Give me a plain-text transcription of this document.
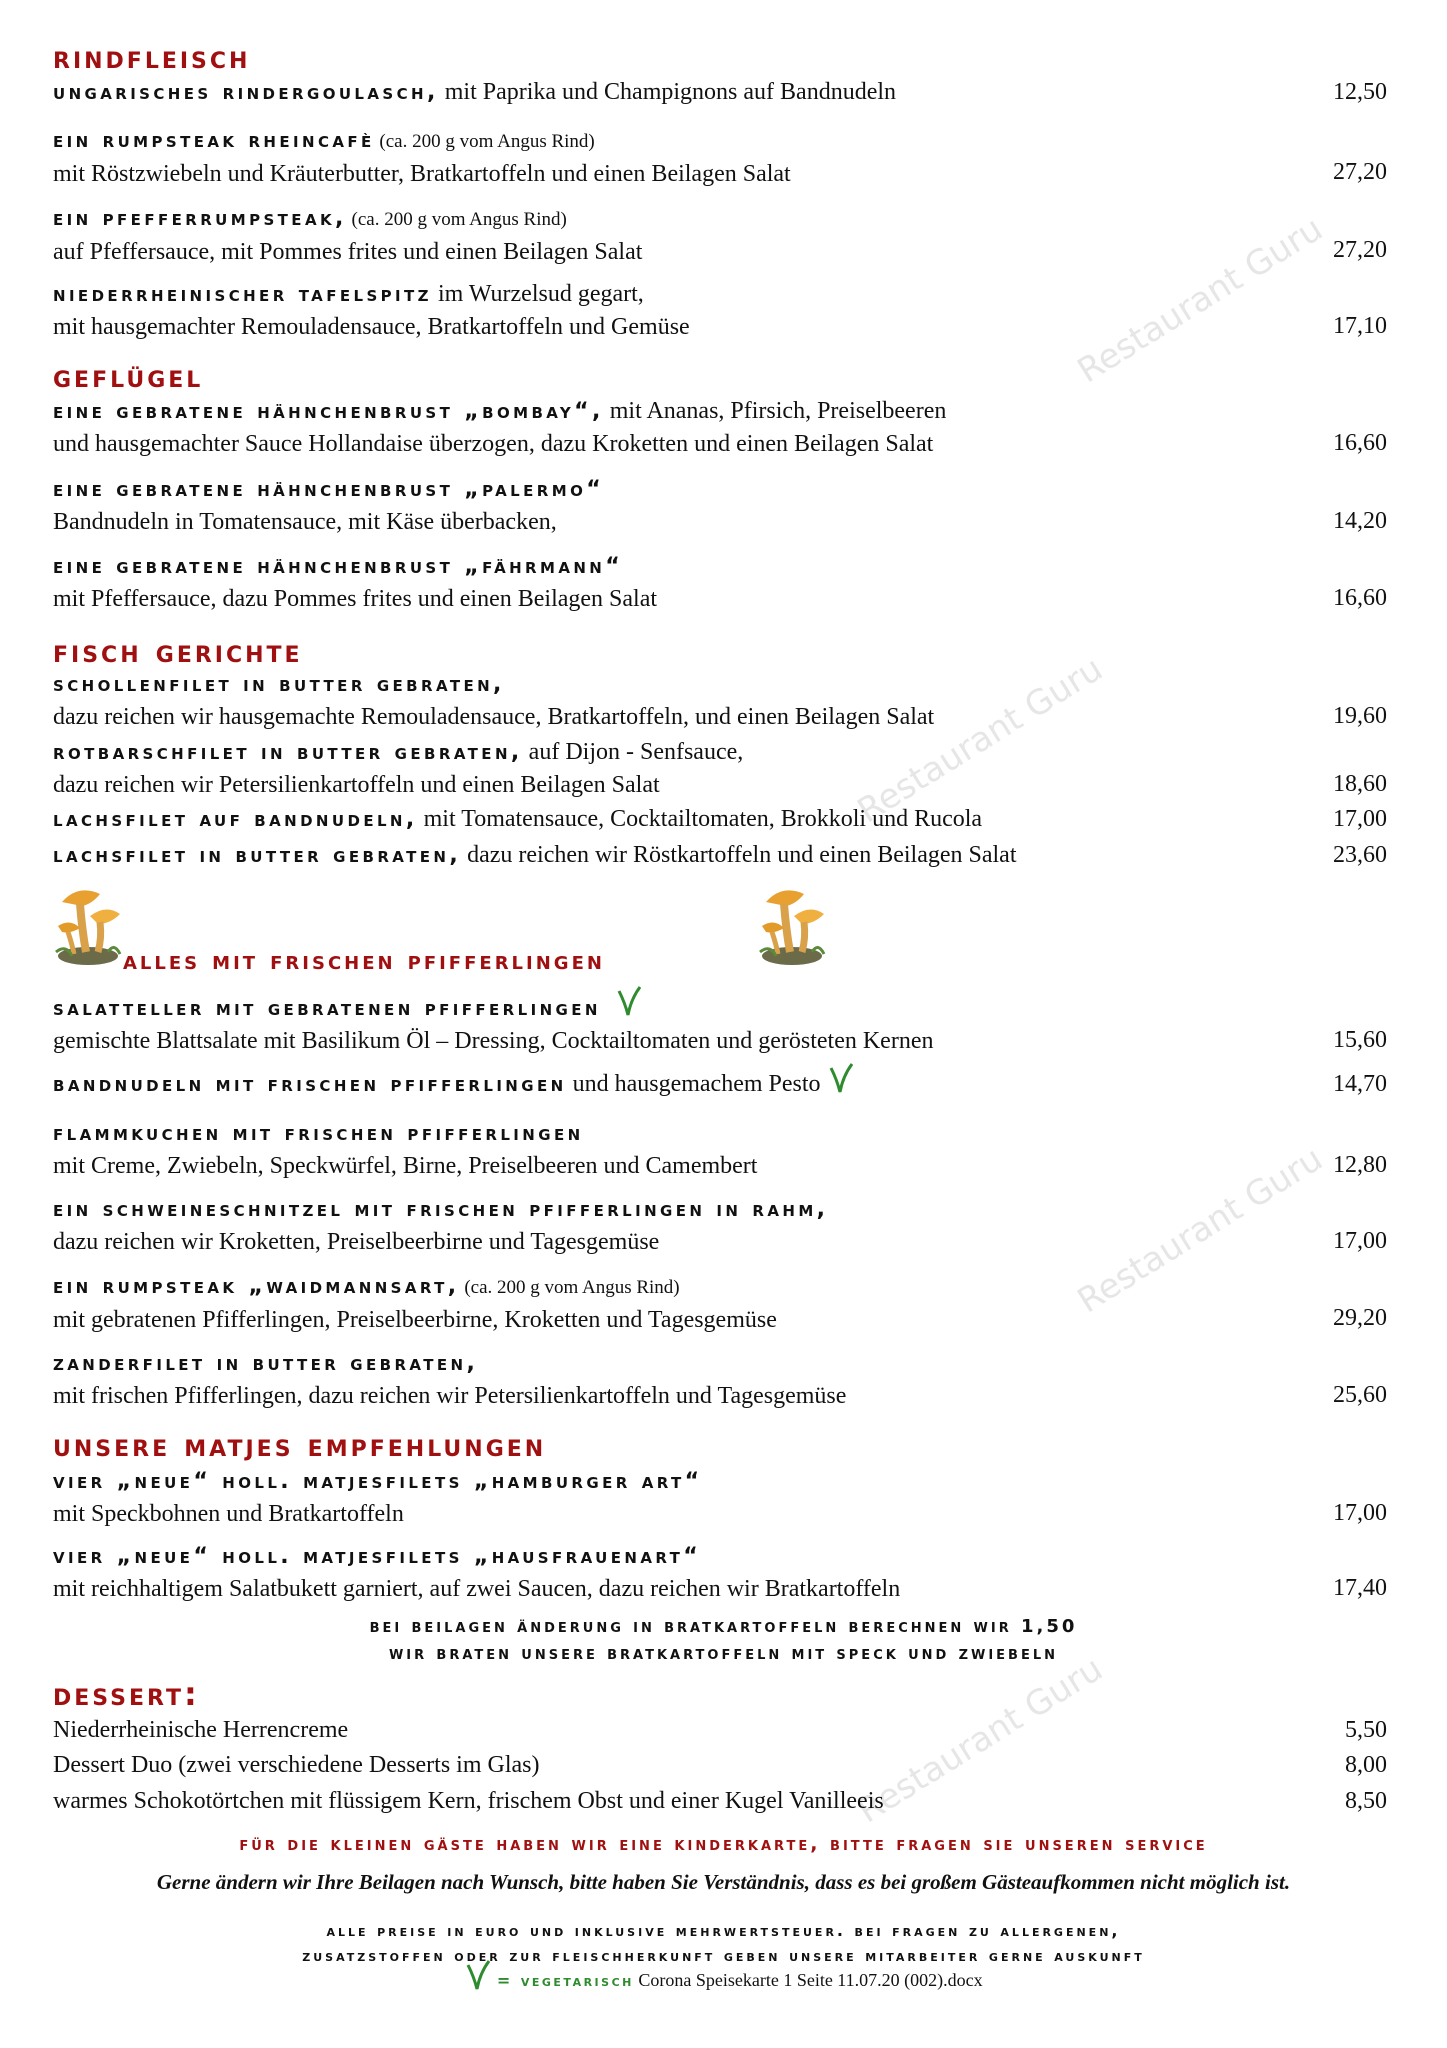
Restaurant Guru
Restaurant Guru
Restaurant Guru
Restaurant Guru
rindfleisch
ungarisches rindergoulasch, mit Paprika und Champignons auf Bandnudeln	12,50
ein rumpsteak rheincafè (ca. 200 g vom Angus Rind)
mit Röstzwiebeln und Kräuterbutter, Bratkartoffeln und einen Beilagen Salat	27,20
ein pfefferrumpsteak, (ca. 200 g vom Angus Rind)
auf Pfeffersauce, mit Pommes frites und einen Beilagen Salat	27,20
niederrheinischer tafelspitz im Wurzelsud gegart,
mit hausgemachter Remouladensauce, Bratkartoffeln und Gemüse	17,10
geflügel
eine gebratene hähnchenbrust „bombay“, mit Ananas, Pfirsich, Preiselbeeren
und hausgemachter Sauce Hollandaise überzogen, dazu Kroketten und einen Beilagen Salat	16,60
eine gebratene hähnchenbrust „palermo“
Bandnudeln in Tomatensauce, mit Käse überbacken,	14,20
eine gebratene hähnchenbrust „fährmann“
mit Pfeffersauce, dazu Pommes frites und einen Beilagen Salat	16,60
fisch gerichte
schollenfilet in butter gebraten,
dazu reichen wir hausgemachte Remouladensauce, Bratkartoffeln, und einen Beilagen Salat	19,60
rotbarschfilet in butter gebraten, auf Dijon - Senfsauce,
dazu reichen wir Petersilienkartoffeln und einen Beilagen Salat	18,60
lachsfilet auf bandnudeln, mit Tomatensauce, Cocktailtomaten, Brokkoli und Rucola	17,00
lachsfilet in butter gebraten, dazu reichen wir Röstkartoffeln und einen Beilagen Salat	23,60
alles mit frischen pfifferlingen
salatteller mit gebratenen pfifferlingen
gemischte Blattsalate mit Basilikum Öl – Dressing, Cocktailtomaten und gerösteten Kernen	15,60
bandnudeln mit frischen pfifferlingen und hausgemachem Pesto	14,70
flammkuchen mit frischen pfifferlingen
mit Creme, Zwiebeln, Speckwürfel, Birne, Preiselbeeren und Camembert	12,80
ein schweineschnitzel mit frischen pfifferlingen in rahm,
dazu reichen wir Kroketten, Preiselbeerbirne und Tagesgemüse	17,00
ein rumpsteak „waidmannsart, (ca. 200 g vom Angus Rind)
mit gebratenen Pfifferlingen, Preiselbeerbirne, Kroketten und Tagesgemüse	29,20
zanderfilet in butter gebraten,
mit frischen Pfifferlingen, dazu reichen wir Petersilienkartoffeln und Tagesgemüse	25,60
unsere matjes empfehlungen
vier „neue“ holl. matjesfilets „hamburger art“
mit Speckbohnen und Bratkartoffeln	17,00
vier „neue“ holl. matjesfilets „hausfrauenart“
mit reichhaltigem Salatbukett garniert, auf zwei Saucen, dazu reichen wir Bratkartoffeln	17,40
bei beilagen änderung in bratkartoffeln berechnen wir 1,50
wir braten unsere bratkartoffeln mit speck und zwiebeln
dessert:
Niederrheinische Herrencreme	5,50
Dessert Duo (zwei verschiedene Desserts im Glas)	8,00
warmes Schokotörtchen mit flüssigem Kern, frischem Obst und einer Kugel Vanilleeis	8,50
für die kleinen gäste haben wir eine kinderkarte, bitte fragen sie unseren service
Gerne ändern wir Ihre Beilagen nach Wunsch, bitte haben Sie Verständnis, dass es bei großem Gästeaufkommen nicht möglich ist.
alle preise in euro und inklusive mehrwertsteuer. bei fragen zu allergenen,
zusatzstoffen oder zur fleischherkunft geben unsere mitarbeiter gerne auskunft
= vegetarisch Corona Speisekarte 1 Seite 11.07.20 (002).docx
